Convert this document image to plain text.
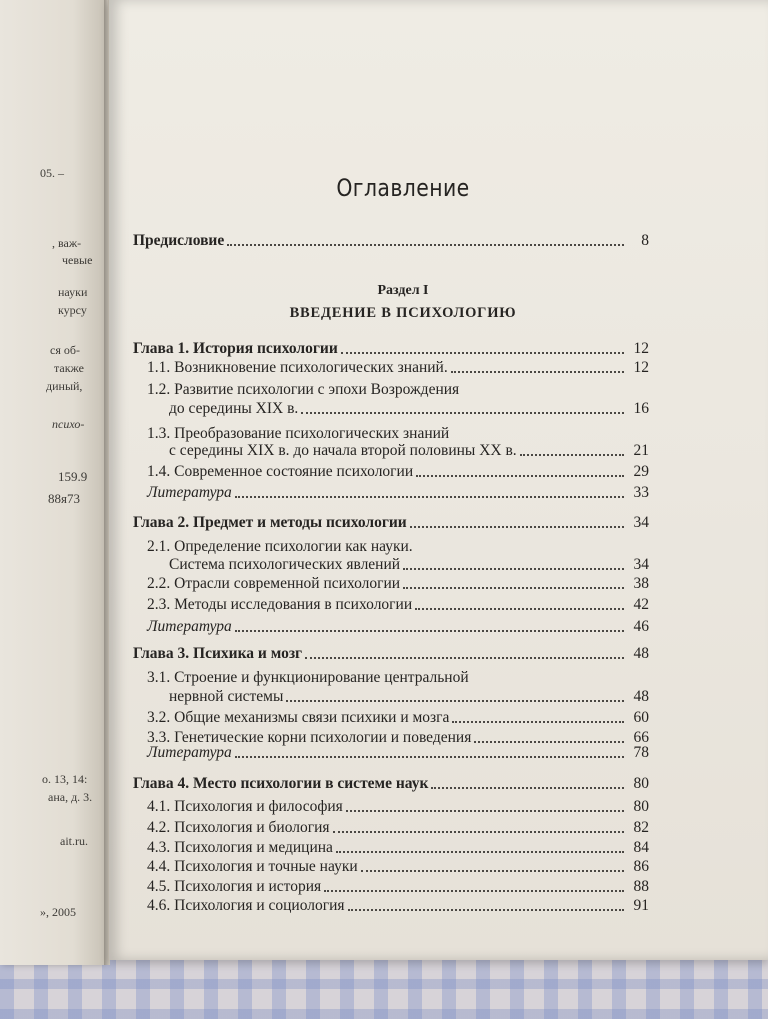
05. –
, важ-
чевые
науки
курсу
ся об-
также
диный,
психо-
159.9
88я73
о. 13, 14:
ана, д. 3.
ait.ru.
», 2005
Оглавление
Предисловие	8
Раздел I
ВВЕДЕНИЕ В ПСИХОЛОГИЮ
Глава 1. История психологии	12
1.1. Возникновение психологических знаний.	12
1.2. Развитие психологии с эпохи Возрождения
до середины XIX в.	16
1.3. Преобразование психологических знаний
с середины XIX в. до начала второй половины XX в.	21
1.4. Современное состояние психологии	29
Литература	33
Глава 2. Предмет и методы психологии	34
2.1. Определение психологии как науки.
Система психологических явлений	34
2.2. Отрасли современной психологии	38
2.3. Методы исследования в психологии	42
Литература	46
Глава 3. Психика и мозг	48
3.1. Строение и функционирование центральной
нервной системы	48
3.2. Общие механизмы связи психики и мозга	60
3.3. Генетические корни психологии и поведения	66
Литература	78
Глава 4. Место психологии в системе наук	80
4.1. Психология и философия	80
4.2. Психология и биология	82
4.3. Психология и медицина	84
4.4. Психология и точные науки	86
4.5. Психология и история	88
4.6. Психология и социология	91
